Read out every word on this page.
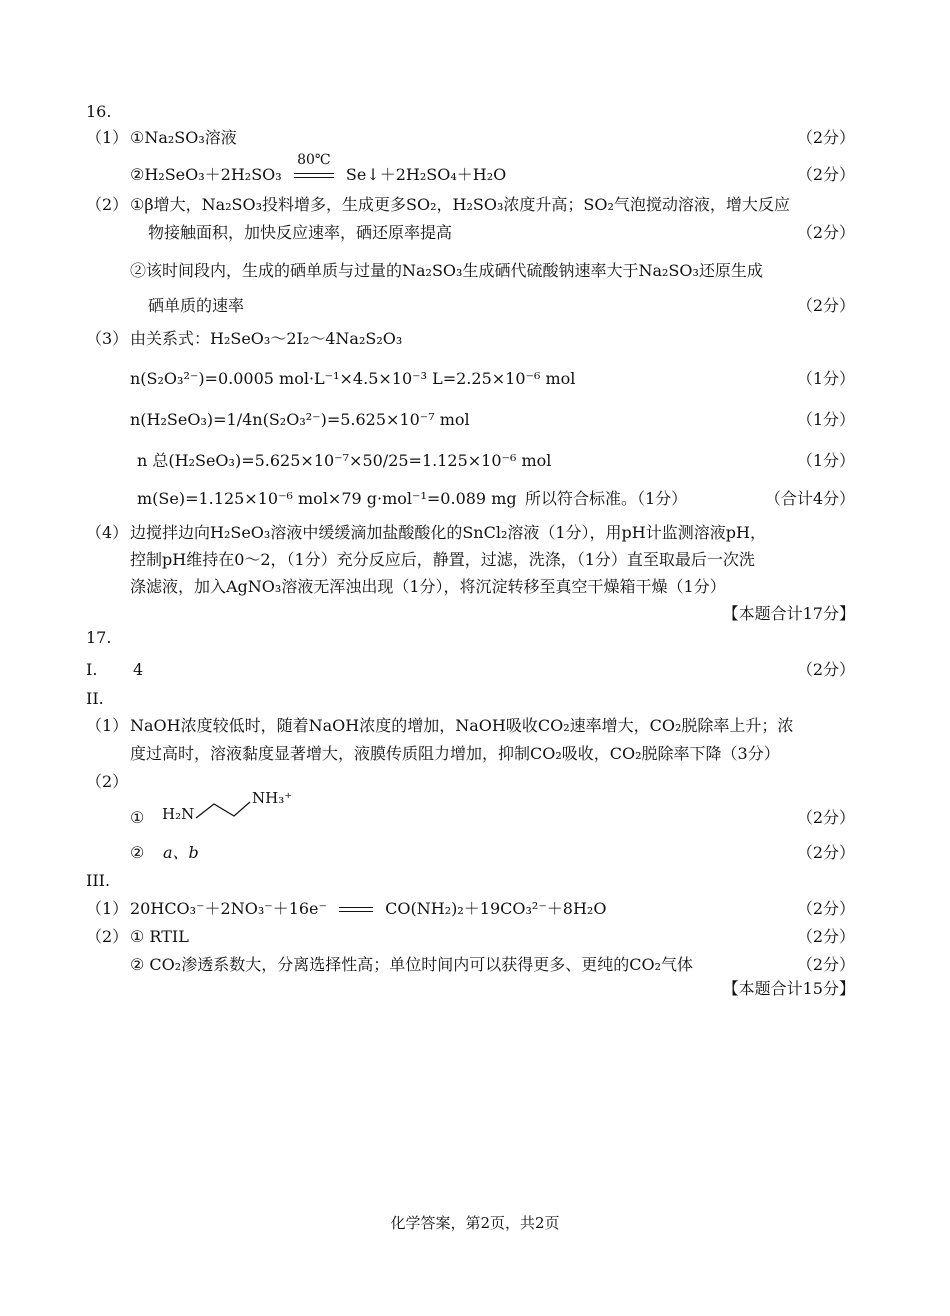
16.
（1） ①Na₂SO₃溶液	（2分）
②H₂SeO₃＋2H₂SO₃
80℃
Se↓＋2H₂SO₄＋H₂O	（2分）
（2） ①β增大，Na₂SO₃投料增多，生成更多SO₂，H₂SO₃浓度升高；SO₂气泡搅动溶液，增大反应
物接触面积，加快反应速率，硒还原率提高	（2分）
②该时间段内，生成的硒单质与过量的Na₂SO₃生成硒代硫酸钠速率大于Na₂SO₃还原生成
硒单质的速率	（2分）
（3） 由关系式：H₂SeO₃～2I₂～4Na₂S₂O₃
n(S₂O₃²⁻)=0.0005 mol·L⁻¹×4.5×10⁻³ L=2.25×10⁻⁶ mol	（1分）
n(H₂SeO₃)=1/4n(S₂O₃²⁻)=5.625×10⁻⁷ mol	（1分）
n 总(H₂SeO₃)=5.625×10⁻⁷×50/25=1.125×10⁻⁶ mol	（1分）
m(Se)=1.125×10⁻⁶ mol×79 g·mol⁻¹=0.089 mg 所以符合标准。（1分）	（合计4分）
（4） 边搅拌边向H₂SeO₃溶液中缓缓滴加盐酸酸化的SnCl₂溶液（1分），用pH计监测溶液pH，
控制pH维持在0～2，（1分）充分反应后，静置，过滤，洗涤，（1分）直至取最后一次洗
涤滤液，加入AgNO₃溶液无浑浊出现（1分），将沉淀转移至真空干燥箱干燥（1分）
【本题合计17分】
17.
I. 4	（2分）
II.
（1） NaOH浓度较低时，随着NaOH浓度的增加，NaOH吸收CO₂速率增大，CO₂脱除率上升；浓
度过高时，溶液黏度显著增大，液膜传质阻力增加，抑制CO₂吸收，CO₂脱除率下降（3分）
（2）
① H₂N
NH₃⁺
（2分）
② a、b	（2分）
III.
（1） 20HCO₃⁻＋2NO₃⁻＋16e⁻	CO(NH₂)₂＋19CO₃²⁻＋8H₂O	（2分）
（2） ① RTIL	（2分）
② CO₂渗透系数大，分离选择性高；单位时间内可以获得更多、更纯的CO₂气体	（2分）
【本题合计15分】
化学答案，第2页，共2页
